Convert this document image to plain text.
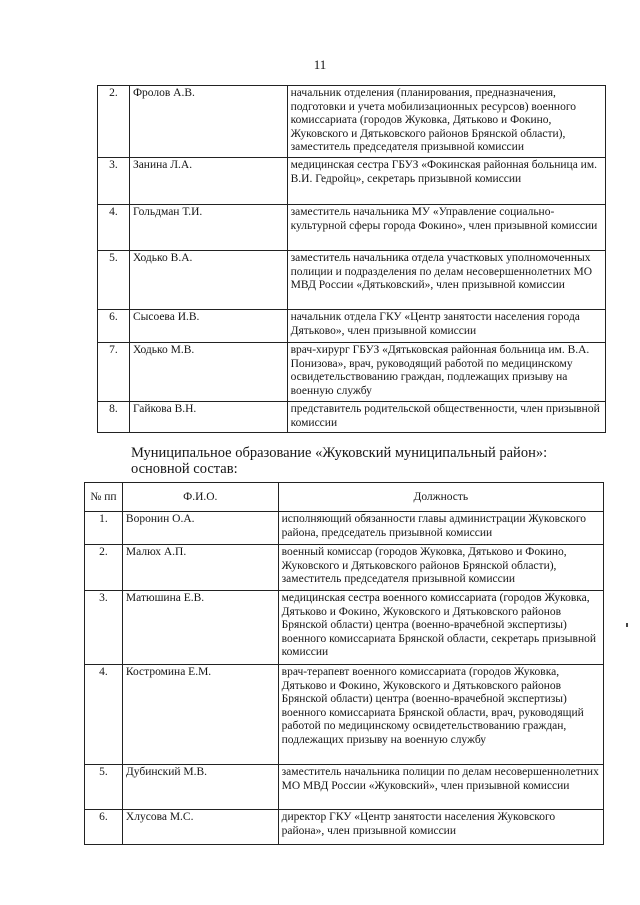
11
2.	Фролов А.В.	начальник отделения (планирования, предназначения, подготовки и учета мобилизационных ресурсов) военного комиссариата (городов Жуковка, Дятьково и Фокино, Жуковского и Дятьковского районов Брянской области), заместитель председателя призывной комиссии
3.	Занина Л.А.	медицинская сестра ГБУЗ «Фокинская районная больница им. В.И. Гедройц», секретарь призывной комиссии
4.	Гольдман Т.И.	заместитель начальника МУ «Управление социально-культурной сферы города Фокино», член призывной комиссии
5.	Ходько В.А.	заместитель начальника отдела участковых уполномоченных полиции и подразделения по делам несовершеннолетних МО МВД России «Дятьковский», член призывной комиссии
6.	Сысоева И.В.	начальник отдела ГКУ «Центр занятости населения города Дятьково», член призывной комиссии
7.	Ходько М.В.	врач-хирург ГБУЗ «Дятьковская районная больница им. В.А. Понизова», врач, руководящий работой по медицинскому освидетельствованию граждан, подлежащих призыву на военную службу
8.	Гайкова В.Н.	представитель родительской общественности, член призывной комиссии
Муниципальное образование «Жуковский муниципальный район»:
основной состав:
№ пп	Ф.И.О.	Должность
1.	Воронин О.А.	исполняющий обязанности главы администрации Жуковского района, председатель призывной комиссии
2.	Малюх А.П.	военный комиссар (городов Жуковка, Дятьково и Фокино, Жуковского и Дятьковского районов Брянской области), заместитель председателя призывной комиссии
3.	Матюшина Е.В.	медицинская сестра военного комиссариата (городов Жуковка, Дятьково и Фокино, Жуковского и Дятьковского районов Брянской области) центра (военно-врачебной экспертизы) военного комиссариата Брянской области, секретарь призывной комиссии
4.	Костромина Е.М.	врач-терапевт военного комиссариата (городов Жуковка, Дятьково и Фокино, Жуковского и Дятьковского районов Брянской области) центра (военно-врачебной экспертизы) военного комиссариата Брянской области, врач, руководящий работой по медицинскому освидетельствованию граждан, подлежащих призыву на военную службу
5.	Дубинский М.В.	заместитель начальника полиции по делам несовершеннолетних МО МВД России «Жуковский», член призывной комиссии
6.	Хлусова М.С.	директор ГКУ «Центр занятости населения Жуковского района», член призывной комиссии
